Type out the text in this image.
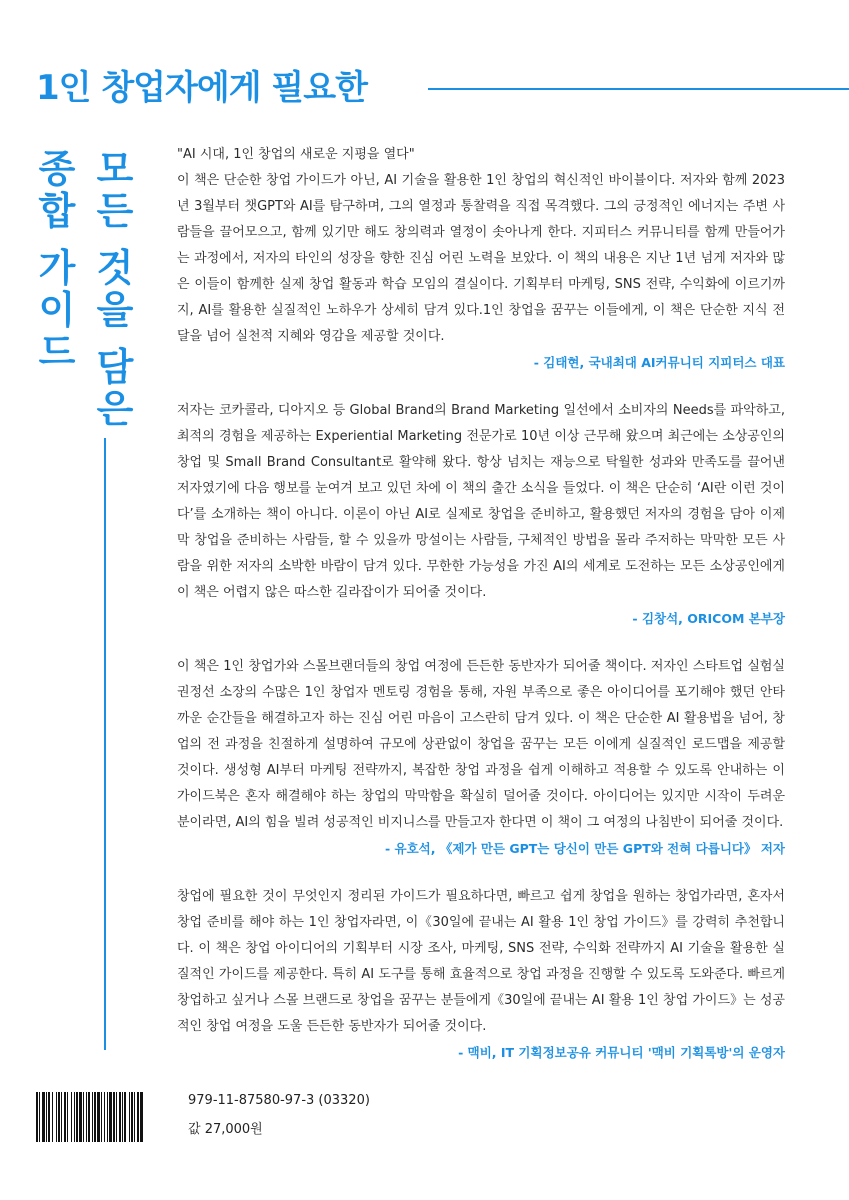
1인 창업자에게 필요한
모
든
것
을
담
은
종
합
가
이
드

"AI 시대, 1인 창업의 새로운 지평을 열다"

이 책은 단순한 창업 가이드가 아닌, AI 기술을 활용한 1인 창업의 혁신적인 바이블이다. 저자와 함께 2023년 3월부터 챗GPT와 AI를 탐구하며, 그의 열정과 통찰력을 직접 목격했다. 그의 긍정적인 에너지는 주변 사람들을 끌어모으고, 함께 있기만 해도 창의력과 열정이 솟아나게 한다. 지피터스 커뮤니티를 함께 만들어가는 과정에서, 저자의 타인의 성장을 향한 진심 어린 노력을 보았다. 이 책의 내용은 지난 1년 넘게 저자와 많은 이들이 함께한 실제 창업 활동과 학습 모임의 결실이다. 기획부터 마케팅, SNS 전략, 수익화에 이르기까지, AI를 활용한 실질적인 노하우가 상세히 담겨 있다.1인 창업을 꿈꾸는 이들에게, 이 책은 단순한 지식 전달을 넘어 실천적 지혜와 영감을 제공할 것이다.

- 김태현, 국내최대 AI커뮤니티 지피터스 대표

저자는 코카콜라, 디아지오 등 Global Brand의 Brand Marketing 일선에서 소비자의 Needs를 파악하고, 최적의 경험을 제공하는 Experiential Marketing 전문가로 10년 이상 근무해 왔으며 최근에는 소상공인의 창업 및 Small Brand Consultant로 활약해 왔다. 항상 넘치는 재능으로 탁월한 성과와 만족도를 끌어낸 저자였기에 다음 행보를 눈여겨 보고 있던 차에 이 책의 출간 소식을 들었다. 이 책은 단순히 ‘AI란 이런 것이다’를 소개하는 책이 아니다. 이론이 아닌 AI로 실제로 창업을 준비하고, 활용했던 저자의 경험을 담아 이제 막 창업을 준비하는 사람들, 할 수 있을까 망설이는 사람들, 구체적인 방법을 몰라 주저하는 막막한 모든 사람을 위한 저자의 소박한 바람이 담겨 있다. 무한한 가능성을 가진 AI의 세계로 도전하는 모든 소상공인에게 이 책은 어렵지 않은 따스한 길라잡이가 되어줄 것이다.

- 김창석, ORICOM 본부장

이 책은 1인 창업가와 스몰브랜더들의 창업 여정에 든든한 동반자가 되어줄 책이다. 저자인 스타트업 실험실 권정선 소장의 수많은 1인 창업자 멘토링 경험을 통해, 자원 부족으로 좋은 아이디어를 포기해야 했던 안타까운 순간들을 해결하고자 하는 진심 어린 마음이 고스란히 담겨 있다. 이 책은 단순한 AI 활용법을 넘어, 창업의 전 과정을 친절하게 설명하여 규모에 상관없이 창업을 꿈꾸는 모든 이에게 실질적인 로드맵을 제공할 것이다. 생성형 AI부터 마케팅 전략까지, 복잡한 창업 과정을 쉽게 이해하고 적용할 수 있도록 안내하는 이 가이드북은 혼자 해결해야 하는 창업의 막막함을 확실히 덜어줄 것이다. 아이디어는 있지만 시작이 두려운 분이라면, AI의 힘을 빌려 성공적인 비지니스를 만들고자 한다면 이 책이 그 여정의 나침반이 되어줄 것이다.

- 유호석, 《제가 만든 GPT는 당신이 만든 GPT와 전혀 다릅니다》 저자

창업에 필요한 것이 무엇인지 정리된 가이드가 필요하다면, 빠르고 쉽게 창업을 원하는 창업가라면, 혼자서 창업 준비를 해야 하는 1인 창업자라면, 이《30일에 끝내는 AI 활용 1인 창업 가이드》를 강력히 추천합니다. 이 책은 창업 아이디어의 기획부터 시장 조사, 마케팅, SNS 전략, 수익화 전략까지 AI 기술을 활용한 실질적인 가이드를 제공한다. 특히 AI 도구를 통해 효율적으로 창업 과정을 진행할 수 있도록 도와준다. 빠르게 창업하고 싶거나 스몰 브랜드로 창업을 꿈꾸는 분들에게《30일에 끝내는 AI 활용 1인 창업 가이드》는 성공적인 창업 여정을 도울 든든한 동반자가 되어줄 것이다.

- 맥비, IT 기획정보공유 커뮤니티 '맥비 기획톡방'의 운영자

979-11-87580-97-3 (03320)
값 27,000원
